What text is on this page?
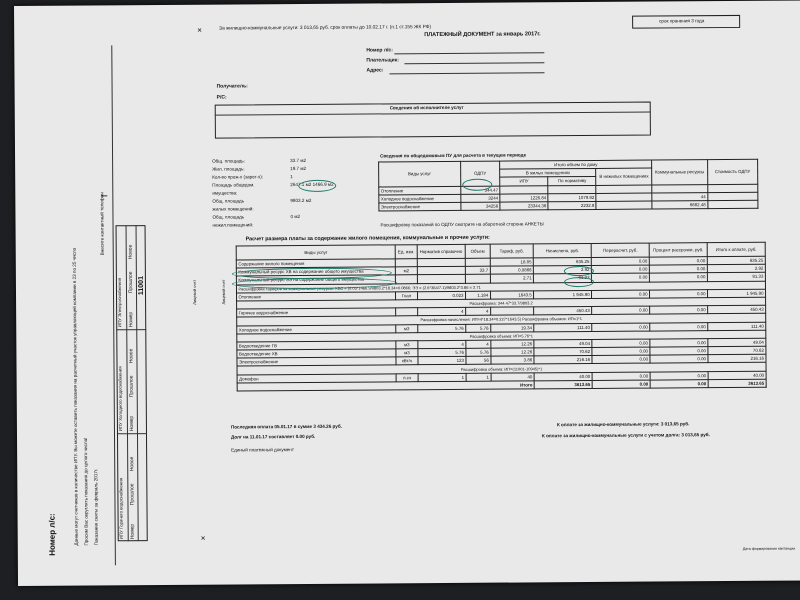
Номер л/с:	Данные могут счетчиков в количестве ИПУ. Вы можете оставить показания на расчетный участок управляющей компании в 23 по 25 число Просим Вас округлять показания до целого числа! Показания сняты за февраль 2017г.
Внесите контактный телефон
ИПУ Горячего водоснабжения
ИПУ Холодного водоснабжения
ИПУ Электроснабжения
Номер
Прошлое
Новое
Номер
Прошлое
Новое
Номер
Прошлое
Новое
11001	Лицевой счет
За жилищно-коммунальные услуги: 3 013,65 руб. срок оплаты до 10.02.17 г. (п.1 ст.155 ЖК РФ)
срок хранения 3 года
ПЛАТЕЖНЫЙ ДОКУМЕНТ за январь 2017г.
Номер л/с:
Плательщик:
Адрес:
Получатель:
Р/С:
Сведения об исполнителе услуг
Общ. площадь:	33.7 м2
Жил. площадь:	19.7 м2
Кол-во прож-х (зарег-х):	1
Площадь общедом.	2647.1 м2 1466.9 м2
имущества:
Общ. площадь	9803.2 м2
жилых помещений:
Общ. площадь	0 м2
нежил.помещений:
Сведения по общедомовым ПУ для расчета в текущем периоде
Виды услуг	ОДПУ	Итого объем по дому			Коммунальные ресурсы	Стоимость ОДПУ
		В жилых помещениях		В нежилых помещениях		
		ИПУ	По нормативу			
Отопление	344.47					
Холодное водоснабжение	3244	1226.84	1079.92		44	
Электроснабжение	34256	23344.36	2232.8		6682.48	
Расшифровку показаний по ОДПУ смотрите на оборотной стороне АНКЕТЫ
Расчет размера платы за содержание жилого помещения, коммунальные и прочие услуги:
Лицевой счет
Виды услуг	Ед. изм.	Норматив справочно	Объем	Тариф, руб.	Начислено, руб.	Перерасчет, руб.	Процент рассрочки, руб.	Итого к оплате, руб.
Содержание жилого помещения				18.85	635.25	0.00	0.00	635.25
Коммунальный ресурс ХВ на содержание общего имущества	м2		33.7	0.0866	2.92	0.00	0.00	2.92
Коммунальный ресурс ЭЭ на содержание общего имущества				2.71	91.33	0.00	0.00	91.33
Расшифровка тарифов на коммунальные ресурсы: ХВС = (0.03*1466.9/9803.2*18.34=0.0866; ЭЭ = (2.6*364/7.1)/9803.2*3.86 = 2.71								
Отопление	Гкал	0.023	1.184	1643.5	1 945.90	0.00	0.00	1 945.90
Расшифровка: 344.47*33.7/9803.2								
Горячее водоснабжение		4	4		450.43	0.00	0.00	450.43
Расшифровка начисления: ИП=4*18.34=0.227*1643.5) Расшифровка объемов: ИП=1*1								
Холодное водоснабжение	м3	5.76	5.76	19.34	111.40	0.00	0.00	111.40
Расшифровка объема: ИП=5.76*1								
Водоотведение ГВ	м3	4	4	12.26	49.04	0.00	0.00	49.04
Водоотведение ХВ	м3	5.76	5.76	12.26	70.62	0.00	0.00	70.62
Электроснабжение	кВт/ч	123	56	3.86	216.16	0.00	0.00	216.16
Расшифровка объема: ИП=(11001-10945)*1								
Домофон	л.сч	1	1	40	40.00	0.00	0.00	40.00
Итого					3613.65	0.00	0.00	3613.65
Последняя оплата 05.01.17 в сумме 3 434.26 руб.
Долг на 11.01.17 составляет 0.00 руб.
Единый платежный документ
К оплате за жилищно-коммунальные услуги: 3 013,65 руб.
К оплате за жилищно-коммунальные услуги с учетом долга: 3 013,65 руб.
Дата формирования квитанции
×
×
